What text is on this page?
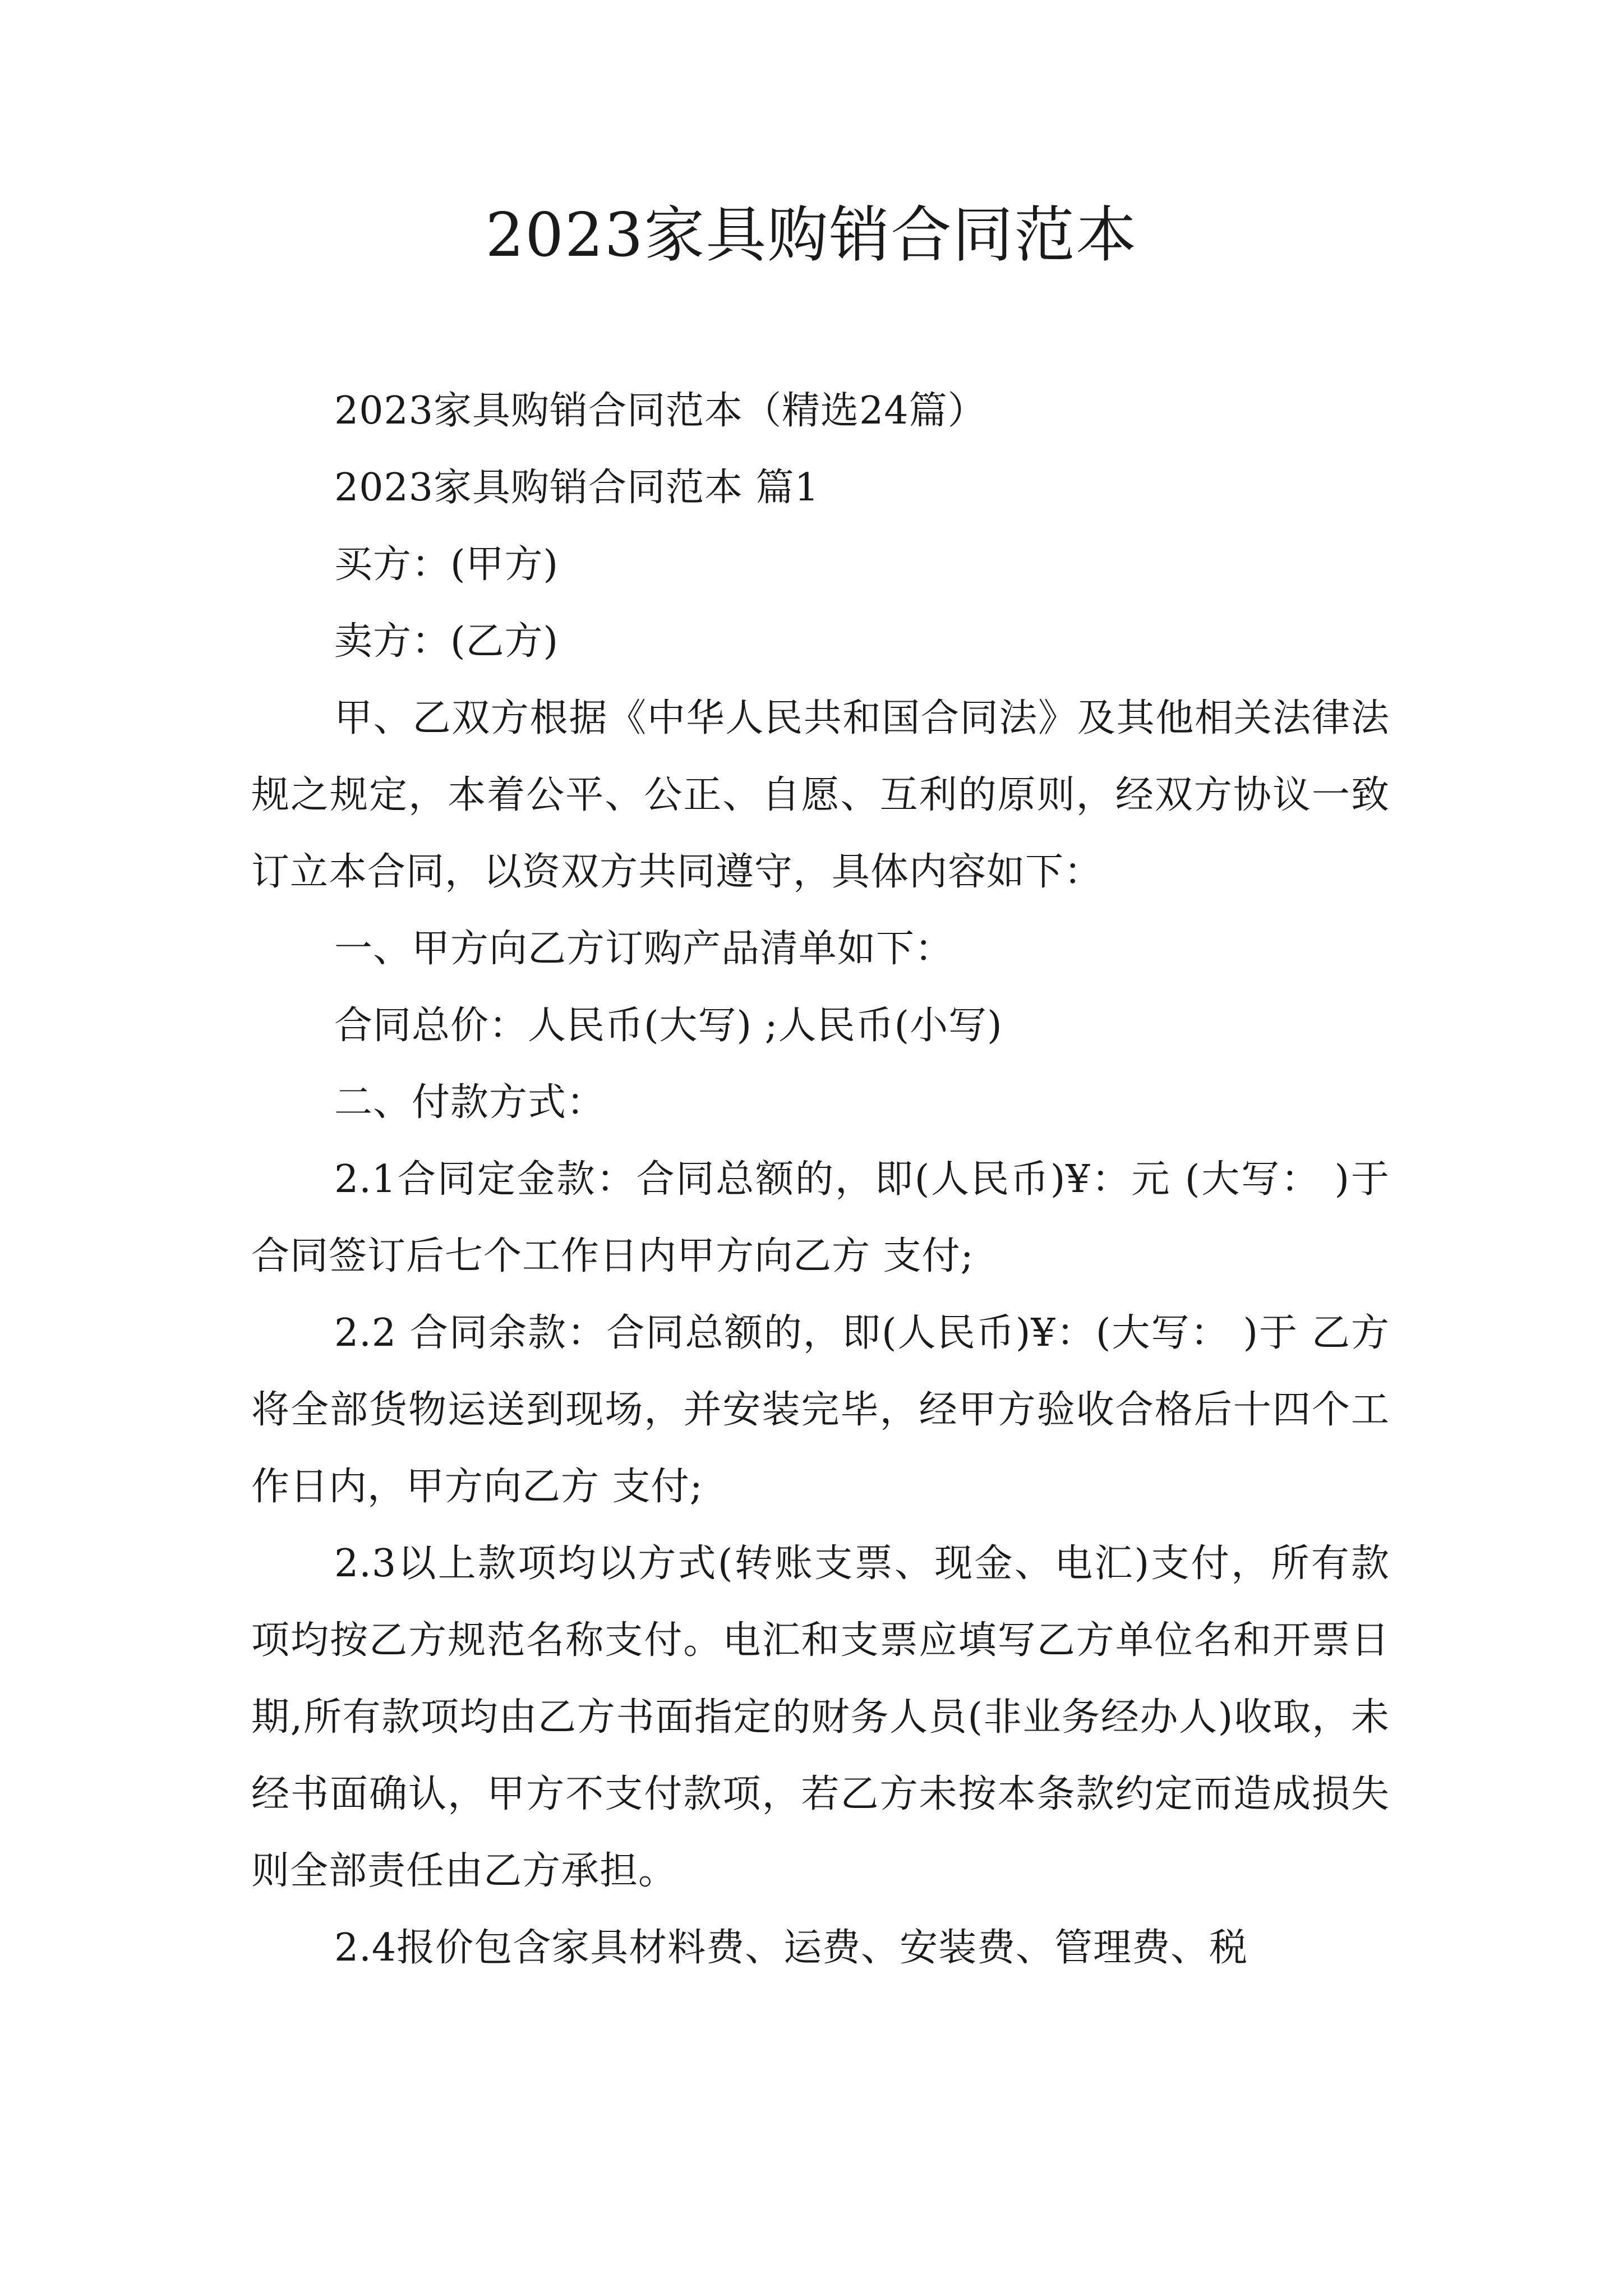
2023家具购销合同范本

2023家具购销合同范本（精选24篇）

2023家具购销合同范本 篇1

买方：(甲方)

卖方：(乙方)

甲、乙双方根据《中华人民共和国合同法》及其他相关法律法规之规定，本着公平、公正、自愿、互利的原则，经双方协议一致订立本合同，以资双方共同遵守，具体内容如下：

一、甲方向乙方订购产品清单如下：

合同总价：人民币(大写) ;人民币(小写)

二、付款方式：

2.1合同定金款：合同总额的，即(人民币)¥：元 (大写： )于 合同签订后七个工作日内甲方向乙方 支付;

2.2 合同余款：合同总额的，即(人民币)¥：(大写： )于 乙方将全部货物运送到现场，并安装完毕，经甲方验收合格后十四个工作日内，甲方向乙方 支付;

2.3以上款项均以方式(转账支票、现金、电汇)支付，所有款项均按乙方规范名称支付。电汇和支票应填写乙方单位名和开票日期,所有款项均由乙方书面指定的财务人员(非业务经办人)收取，未经书面确认，甲方不支付款项，若乙方未按本条款约定而造成损失则全部责任由乙方承担。

2.4报价包含家具材料费、运费、安装费、管理费、税
